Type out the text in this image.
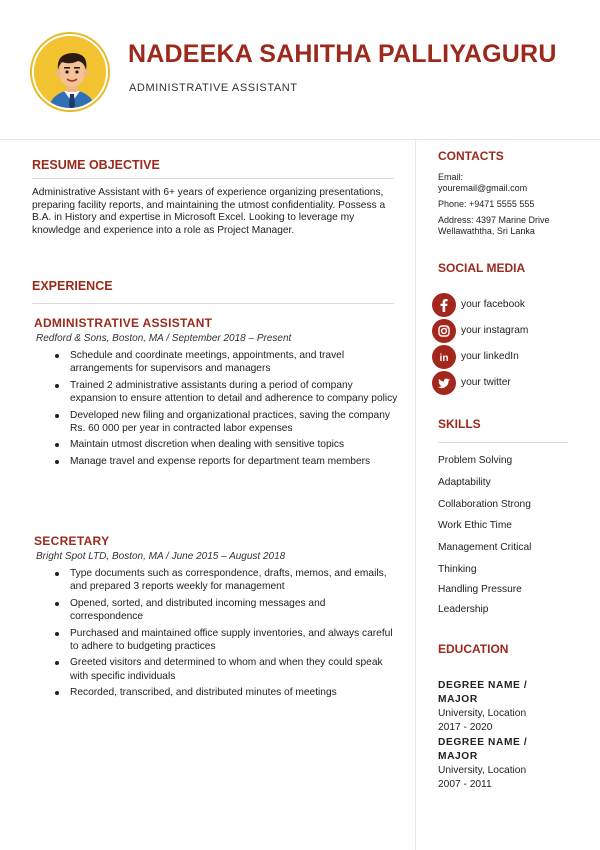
NADEEKA SAHITHA PALLIYAGURU
ADMINISTRATIVE ASSISTANT
RESUME OBJECTIVE
Administrative Assistant with 6+ years of experience organizing presentations, preparing facility reports, and maintaining the utmost confidentiality. Possess a B.A. in History and expertise in Microsoft Excel. Looking to leverage my knowledge and experience into a role as Project Manager.
EXPERIENCE
ADMINISTRATIVE ASSISTANT
Redford & Sons, Boston, MA / September 2018 – Present
Schedule and coordinate meetings, appointments, and travel arrangements for supervisors and managers
Trained 2 administrative assistants during a period of company expansion to ensure attention to detail and adherence to company policy
Developed new filing and organizational practices, saving the company Rs. 60 000 per year in contracted labor expenses
Maintain utmost discretion when dealing with sensitive topics
Manage travel and expense reports for department team members
SECRETARY
Bright Spot LTD, Boston, MA / June 2015 – August 2018
Type documents such as correspondence, drafts, memos, and emails, and prepared 3 reports weekly for management
Opened, sorted, and distributed incoming messages and correspondence
Purchased and maintained office supply inventories, and always careful to adhere to budgeting practices
Greeted visitors and determined to whom and when they could speak with specific individuals
Recorded, transcribed, and distributed minutes of meetings
CONTACTS
Email:
youremail@gmail.com
Phone: +9471 5555 555
Address: 4397 Marine Drive Wellawaththa, Sri Lanka
SOCIAL MEDIA
your facebook
your instagram
in your linkedIn
your twitter
SKILLS
Problem Solving
Adaptability
Collaboration Strong
Work Ethic Time
Management Critical
Thinking
Handling Pressure
Leadership
EDUCATION
DEGREE NAME / MAJOR
University, Location
2017 - 2020
DEGREE NAME / MAJOR
University, Location
2007 - 2011
